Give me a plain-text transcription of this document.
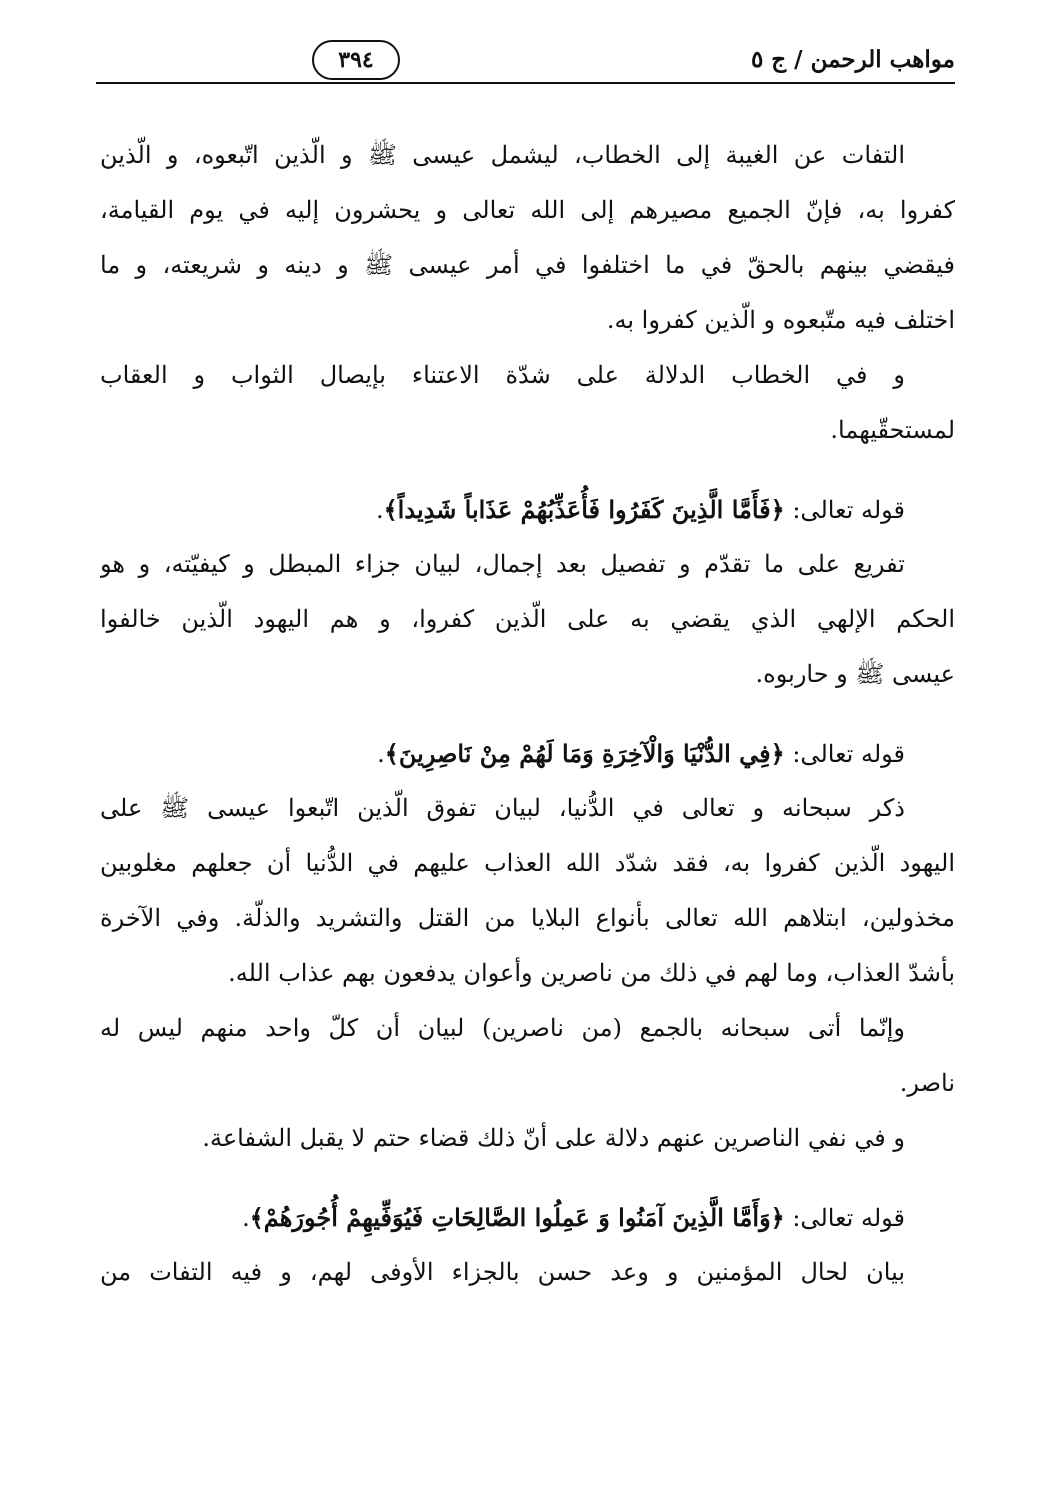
مواهب الرحمن / ج ٥
٣٩٤
التفات عن الغيبة إلى الخطاب، ليشمل عيسى ﷺ و الّذين اتّبعوه، و الّذين
كفروا به، فإنّ الجميع مصيرهم إلى الله تعالى و يحشرون إليه في يوم القيامة،
فيقضي بينهم بالحقّ في ما اختلفوا في أمر عيسى ﷺ و دينه و شريعته، و ما
اختلف فيه متّبعوه و الّذين كفروا به.
و في الخطاب الدلالة على شدّة الاعتناء بإيصال الثواب و العقاب
لمستحقّيهما.
قوله تعالى: ﴿فَأَمَّا الَّذِينَ كَفَرُوا فَأُعَذِّبُهُمْ عَذَاباً شَدِيداً﴾.
تفريع على ما تقدّم و تفصيل بعد إجمال، لبيان جزاء المبطل و كيفيّته، و هو
الحكم الإلهي الذي يقضي به على الّذين كفروا، و هم اليهود الّذين خالفوا
عيسى ﷺ و حاربوه.
قوله تعالى: ﴿فِي الدُّنْيَا وَالْآخِرَةِ وَمَا لَهُمْ مِنْ نَاصِرِينَ﴾.
ذكر سبحانه و تعالى في الدُّنيا، لبيان تفوق الّذين اتّبعوا عيسى ﷺ على
اليهود الّذين كفروا به، فقد شدّد الله العذاب عليهم في الدُّنيا أن جعلهم مغلوبين
مخذولين، ابتلاهم الله تعالى بأنواع البلايا من القتل والتشريد والذلّة. وفي الآخرة
بأشدّ العذاب، وما لهم في ذلك من ناصرين وأعوان يدفعون بهم عذاب الله.
وإنّما أتى سبحانه بالجمع (من ناصرين) لبيان أن كلّ واحد منهم ليس له
ناصر.
و في نفي الناصرين عنهم دلالة على أنّ ذلك قضاء حتم لا يقبل الشفاعة.
قوله تعالى: ﴿وَأَمَّا الَّذِينَ آمَنُوا وَ عَمِلُوا الصَّالِحَاتِ فَيُوَفِّيهِمْ أُجُورَهُمْ﴾.
بيان لحال المؤمنين و وعد حسن بالجزاء الأوفى لهم، و فيه التفات من
